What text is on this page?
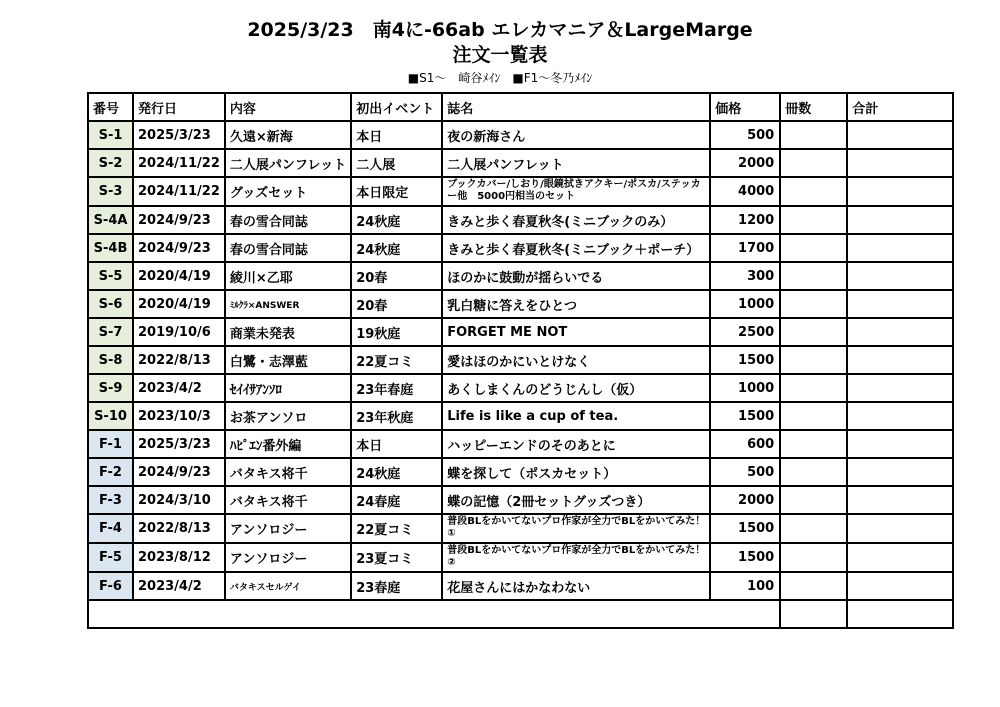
2025/3/23　南4に-66ab エレカマニア＆LargeMarge
注文一覧表
■S1～　崎谷ﾒｲﾝ　■F1～冬乃ﾒｲﾝ
番号	発行日	内容	初出イベント	誌名	価格	冊数	合計
S-1	2025/3/23	久遠×新海	本日	夜の新海さん	500		
S-2	2024/11/22	二人展パンフレット	二人展	二人展パンフレット	2000		
S-3	2024/11/22	グッズセット	本日限定	ブックカバー/しおり/眼鏡拭きアクキー/ポスカ/ステッカー他　5000円相当のセット	4000		
S-4A	2024/9/23	春の雪合同誌	24秋庭	きみと歩く春夏秋冬(ミニブックのみ）	1200		
S-4B	2024/9/23	春の雪合同誌	24秋庭	きみと歩く春夏秋冬(ミニブック＋ポーチ）	1700		
S-5	2020/4/19	綾川×乙耶	20春	ほのかに鼓動が揺らいでる	300		
S-6	2020/4/19	ﾐﾙｸﾗ×ANSWER	20春	乳白糖に答えをひとつ	1000		
S-7	2019/10/6	商業未発表	19秋庭	FORGET ME NOT	2500		
S-8	2022/8/13	白鷺・志澤藍	22夏コミ	愛はほのかにいとけなく	1500		
S-9	2023/4/2	ｾｲｲｻｱﾝｿﾛ	23年春庭	あくしまくんのどうじんし（仮）	1000		
S-10	2023/10/3	お茶アンソロ	23年秋庭	Life is like a cup of tea.	1500		
F-1	2025/3/23	ﾊﾋﾟｴﾝ番外編	本日	ハッピーエンドのそのあとに	600		
F-2	2024/9/23	バタキス将千	24秋庭	蝶を探して（ポスカセット）	500		
F-3	2024/3/10	バタキス将千	24春庭	蝶の記憶（2冊セットグッズつき）	2000		
F-4	2022/8/13	アンソロジー	22夏コミ	普段BLをかいてないプロ作家が全力でBLをかいてみた！①	1500		
F-5	2023/8/12	アンソロジー	23夏コミ	普段BLをかいてないプロ作家が全力でBLをかいてみた！②	1500		
F-6	2023/4/2	バタキスセルゲイ	23春庭	花屋さんにはかなわない	100		
